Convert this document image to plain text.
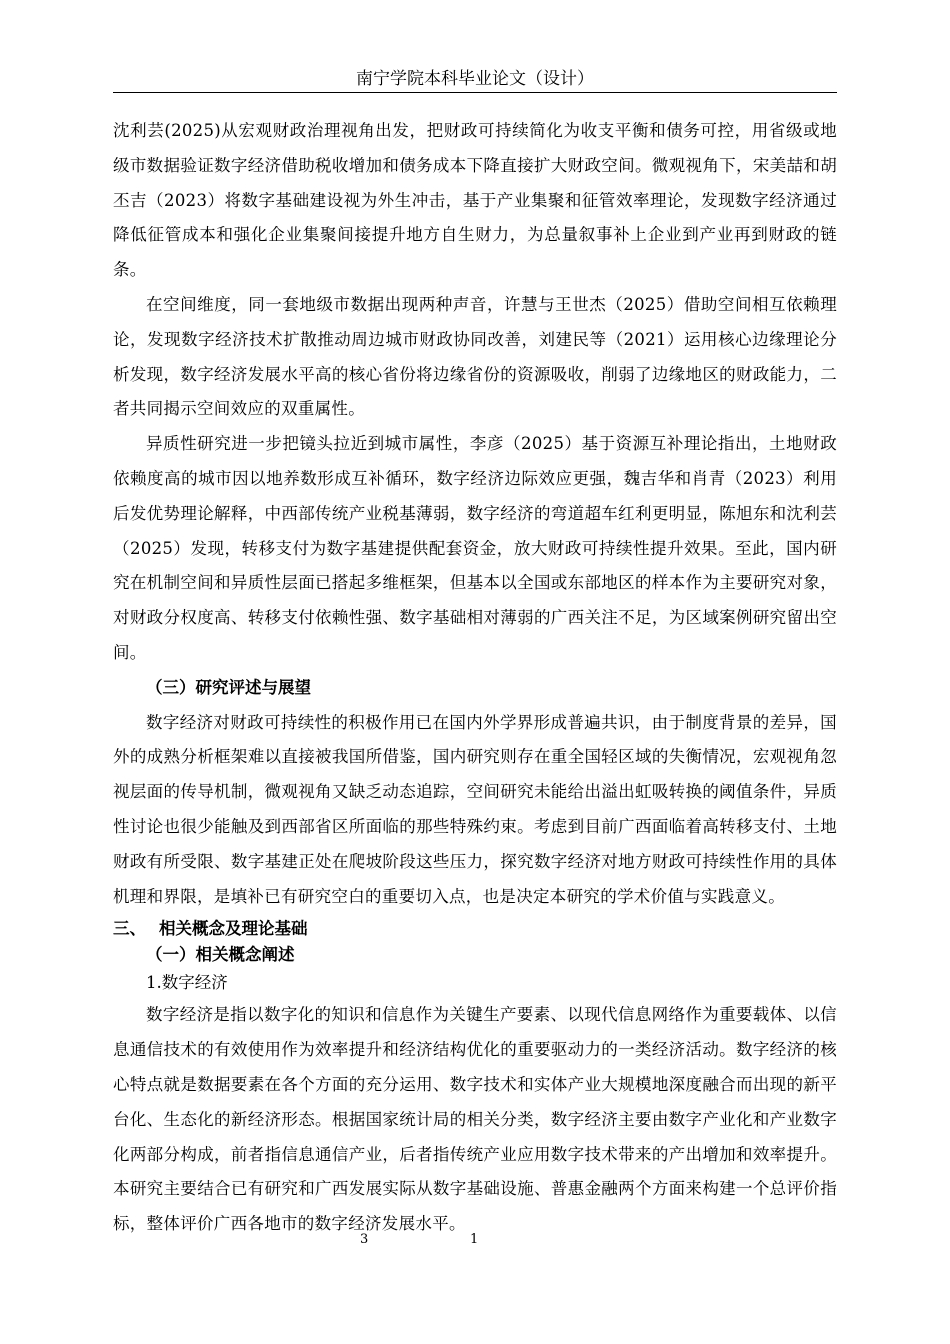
南宁学院本科毕业论文（设计）

沈利芸(2025)从宏观财政治理视角出发，把财政可持续简化为收支平衡和债务可控，用省级或地级市数据验证数字经济借助税收增加和债务成本下降直接扩大财政空间。微观视角下，宋美喆和胡丕吉（2023）将数字基础建设视为外生冲击，基于产业集聚和征管效率理论，发现数字经济通过降低征管成本和强化企业集聚间接提升地方自生财力，为总量叙事补上企业到产业再到财政的链条。

在空间维度，同一套地级市数据出现两种声音，许慧与王世杰（2025）借助空间相互依赖理论，发现数字经济技术扩散推动周边城市财政协同改善，刘建民等（2021）运用核心边缘理论分析发现，数字经济发展水平高的核心省份将边缘省份的资源吸收，削弱了边缘地区的财政能力，二者共同揭示空间效应的双重属性。

异质性研究进一步把镜头拉近到城市属性，李彦（2025）基于资源互补理论指出，土地财政依赖度高的城市因以地养数形成互补循环，数字经济边际效应更强，魏吉华和肖青（2023）利用后发优势理论解释，中西部传统产业税基薄弱，数字经济的弯道超车红利更明显，陈旭东和沈利芸（2025）发现，转移支付为数字基建提供配套资金，放大财政可持续性提升效果。至此，国内研究在机制空间和异质性层面已搭起多维框架，但基本以全国或东部地区的样本作为主要研究对象，对财政分权度高、转移支付依赖性强、数字基础相对薄弱的广西关注不足，为区域案例研究留出空间。

（三）研究评述与展望

数字经济对财政可持续性的积极作用已在国内外学界形成普遍共识，由于制度背景的差异，国外的成熟分析框架难以直接被我国所借鉴，国内研究则存在重全国轻区域的失衡情况，宏观视角忽视层面的传导机制，微观视角又缺乏动态追踪，空间研究未能给出溢出虹吸转换的阈值条件，异质性讨论也很少能触及到西部省区所面临的那些特殊约束。考虑到目前广西面临着高转移支付、土地财政有所受限、数字基建正处在爬坡阶段这些压力，探究数字经济对地方财政可持续性作用的具体机理和界限，是填补已有研究空白的重要切入点，也是决定本研究的学术价值与实践意义。

三、 相关概念及理论基础

（一）相关概念阐述

1.数字经济

数字经济是指以数字化的知识和信息作为关键生产要素、以现代信息网络作为重要载体、以信息通信技术的有效使用作为效率提升和经济结构优化的重要驱动力的一类经济活动。数字经济的核心特点就是数据要素在各个方面的充分运用、数字技术和实体产业大规模地深度融合而出现的新平台化、生态化的新经济形态。根据国家统计局的相关分类，数字经济主要由数字产业化和产业数字化两部分构成，前者指信息通信产业，后者指传统产业应用数字技术带来的产出增加和效率提升。本研究主要结合已有研究和广西发展实际从数字基础设施、普惠金融两个方面来构建一个总评价指标，整体评价广西各地市的数字经济发展水平。

3	1
